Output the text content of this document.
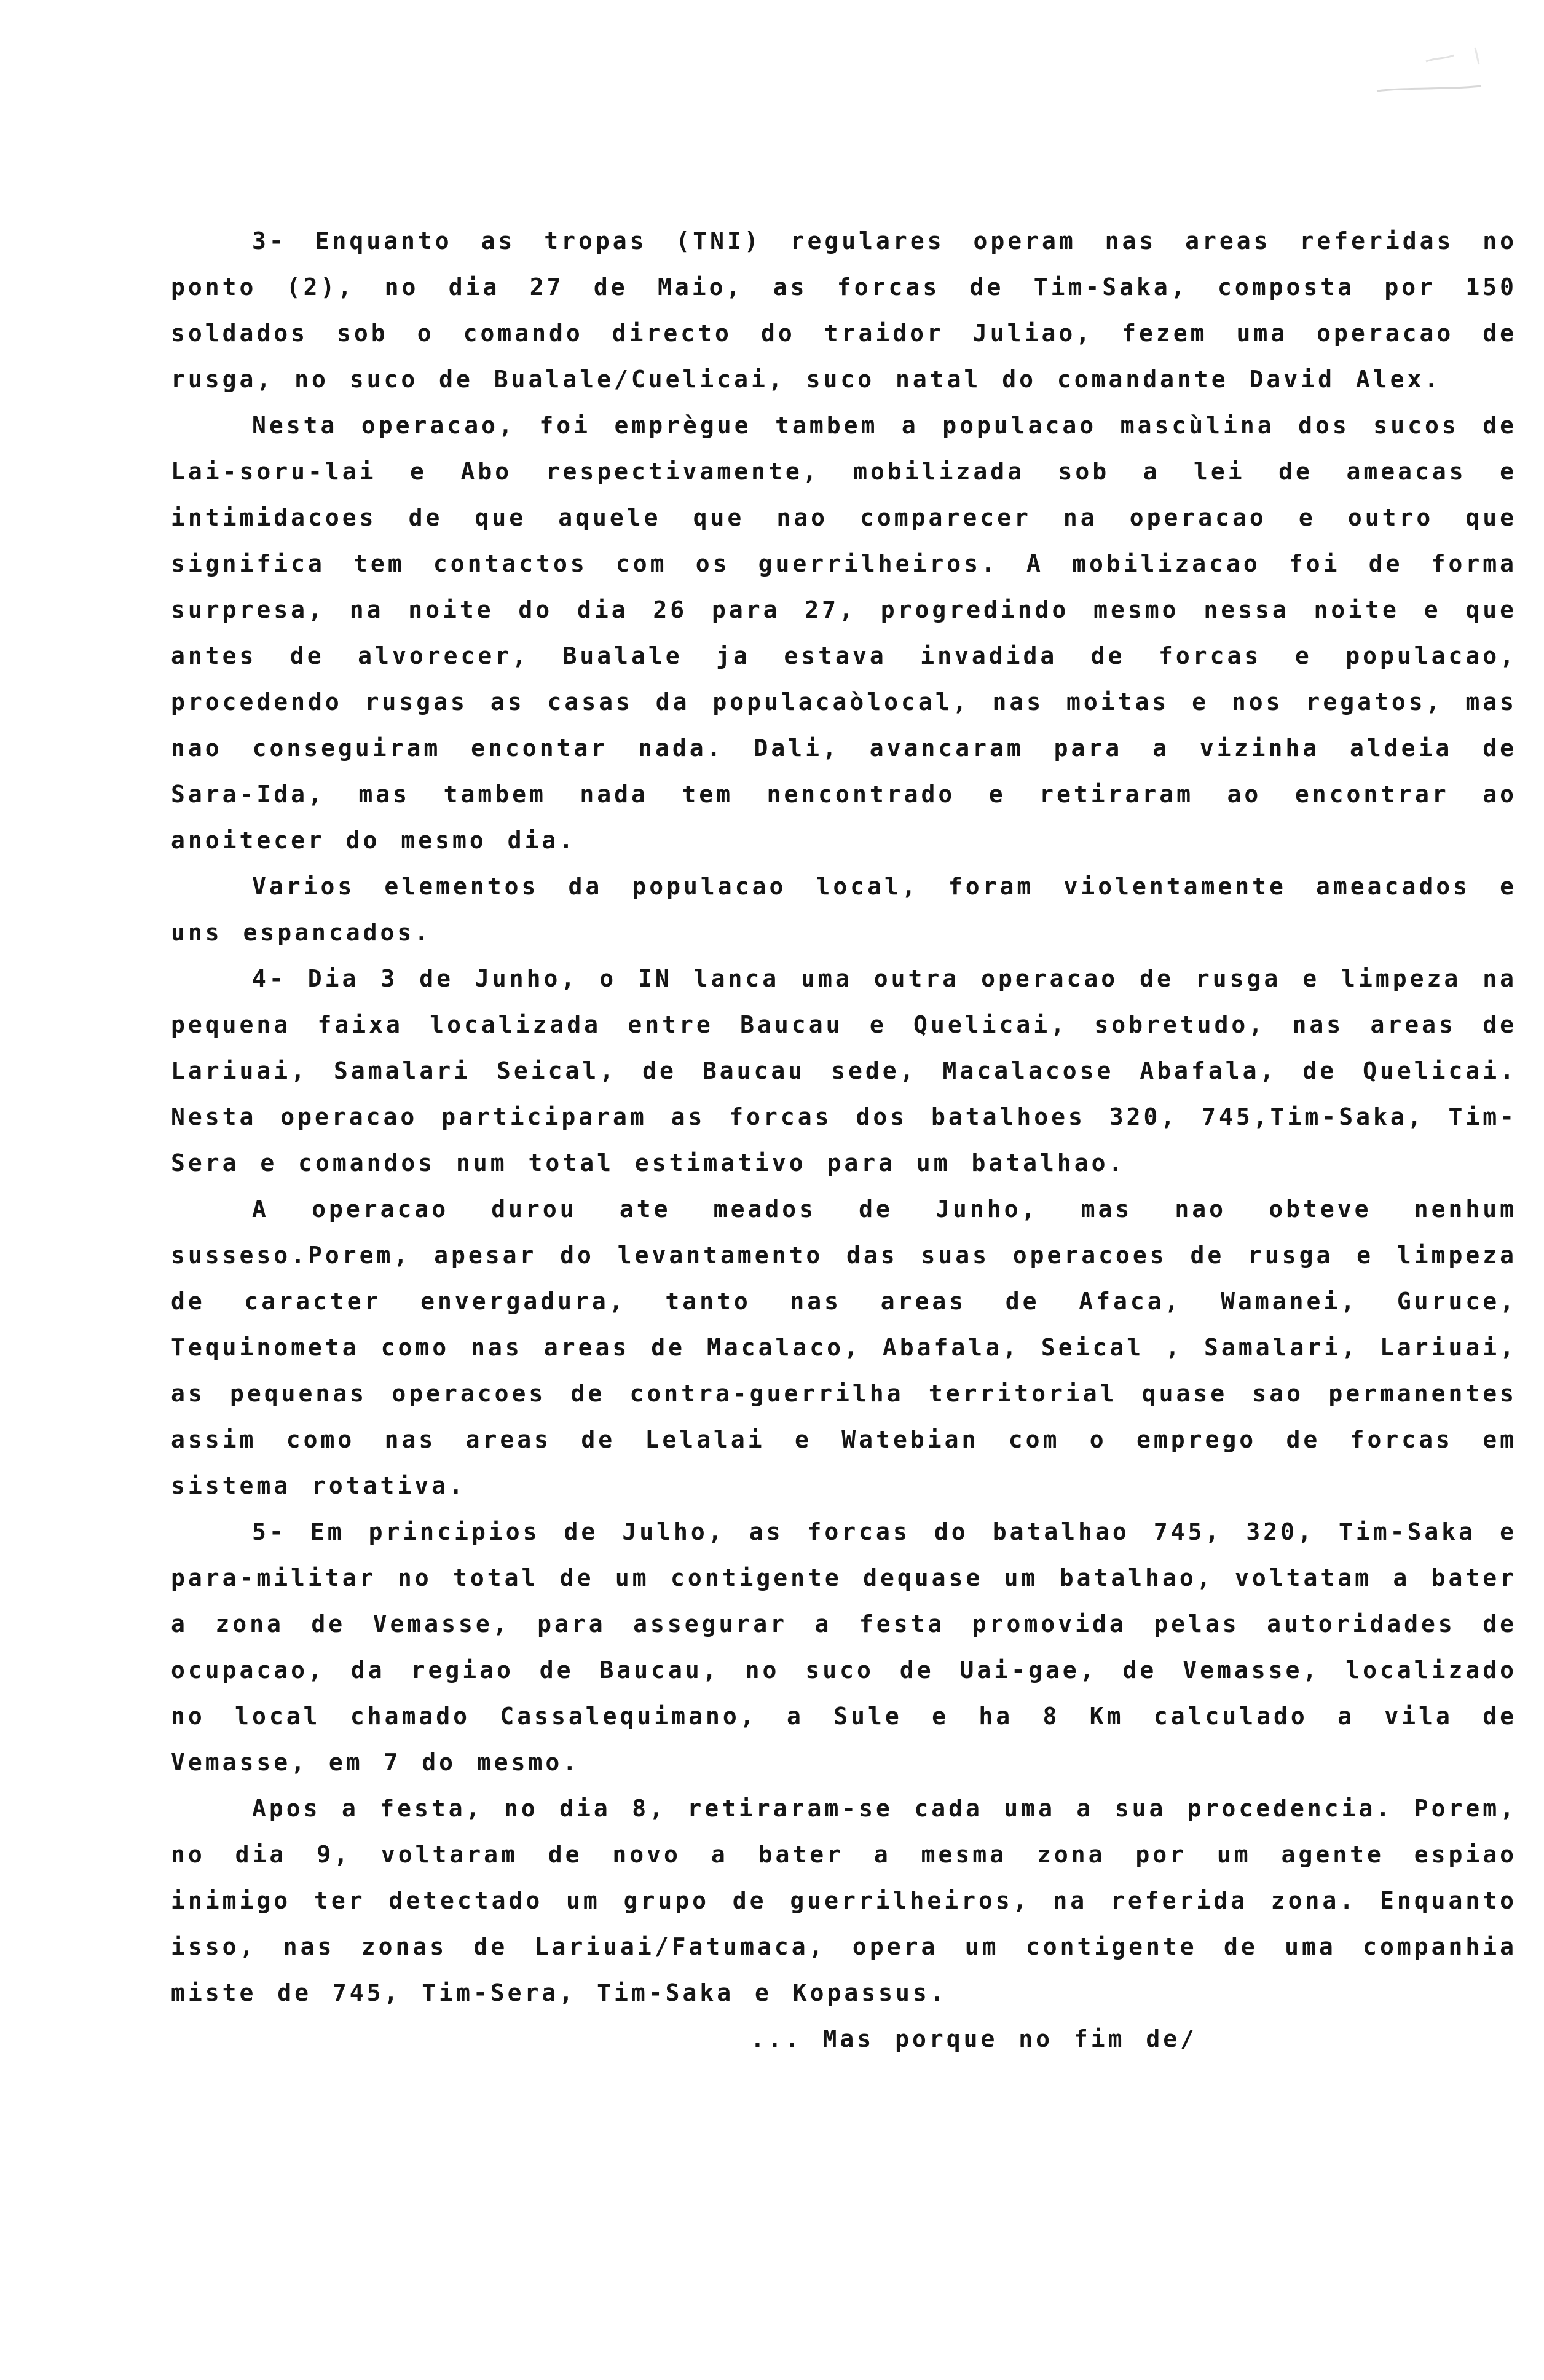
3- Enquanto as tropas (TNI) regulares operam nas areas referidas no ponto (2), no dia 27 de Maio, as forcas de Tim-Saka, composta por 150 soldados sob o comando directo do traidor Juliao, fezem uma operacao de rusga, no suco de Bualale/Cuelicai, suco natal do comandante David Alex.

Nesta operacao, foi emprègue tambem a populacao mascùlina dos sucos de Lai-soru-lai e Abo respectivamente, mobilizada sob a lei de ameacas e intimidacoes de que aquele que nao comparecer na operacao e outro que significa tem contactos com os guerrilheiros. A mobilizacao foi de forma surpresa, na noite do dia 26 para 27, progredindo mesmo nessa noite e que antes de alvorecer, Bualale ja estava invadida de forcas e populacao, procedendo rusgas as casas da populacaòlocal, nas moitas e nos regatos, mas nao conseguiram encontar nada. Dali, avancaram para a vizinha aldeia de Sara-Ida, mas tambem nada tem nencontrado e retiraram ao encontrar ao anoitecer do mesmo dia.

Varios elementos da populacao local, foram violentamente ameacados e uns espancados.

4- Dia 3 de Junho, o IN lanca uma outra operacao de rusga e limpeza na pequena faixa localizada entre Baucau e Quelicai, sobretudo, nas areas de Lariuai, Samalari Seical, de Baucau sede, Macalacose Abafala, de Quelicai. Nesta operacao participaram as forcas dos batalhoes 320, 745,Tim-Saka, Tim-Sera e comandos num total estimativo para um batalhao.

A operacao durou ate meados de Junho, mas nao obteve nenhum susseso.Porem, apesar do levantamento das suas operacoes de rusga e limpeza de caracter envergadura, tanto nas areas de Afaca, Wamanei, Guruce, Tequinometa como nas areas de Macalaco, Abafala, Seical , Samalari, Lariuai, as pequenas operacoes de contra-guerrilha territorial quase sao permanentes assim como nas areas de Lelalai e Watebian com o emprego de forcas em sistema rotativa.

5- Em principios de Julho, as forcas do batalhao 745, 320, Tim-Saka e para-militar no total de um contigente dequase um batalhao, voltatam a bater a zona de Vemasse, para assegurar a festa promovida pelas autoridades de ocupacao, da regiao de Baucau, no suco de Uai-gae, de Vemasse, localizado no local chamado Cassalequimano, a Sule e ha 8 Km calculado a vila de Vemasse, em 7 do mesmo.

Apos a festa, no dia 8, retiraram-se cada uma a sua procedencia. Porem, no dia 9, voltaram de novo a bater a mesma zona por um agente espiao inimigo ter detectado um grupo de guerrilheiros, na referida zona. Enquanto isso, nas zonas de Lariuai/Fatumaca, opera um contigente de uma companhia miste de 745, Tim-Sera, Tim-Saka e Kopassus.

... Mas porque no fim de/
